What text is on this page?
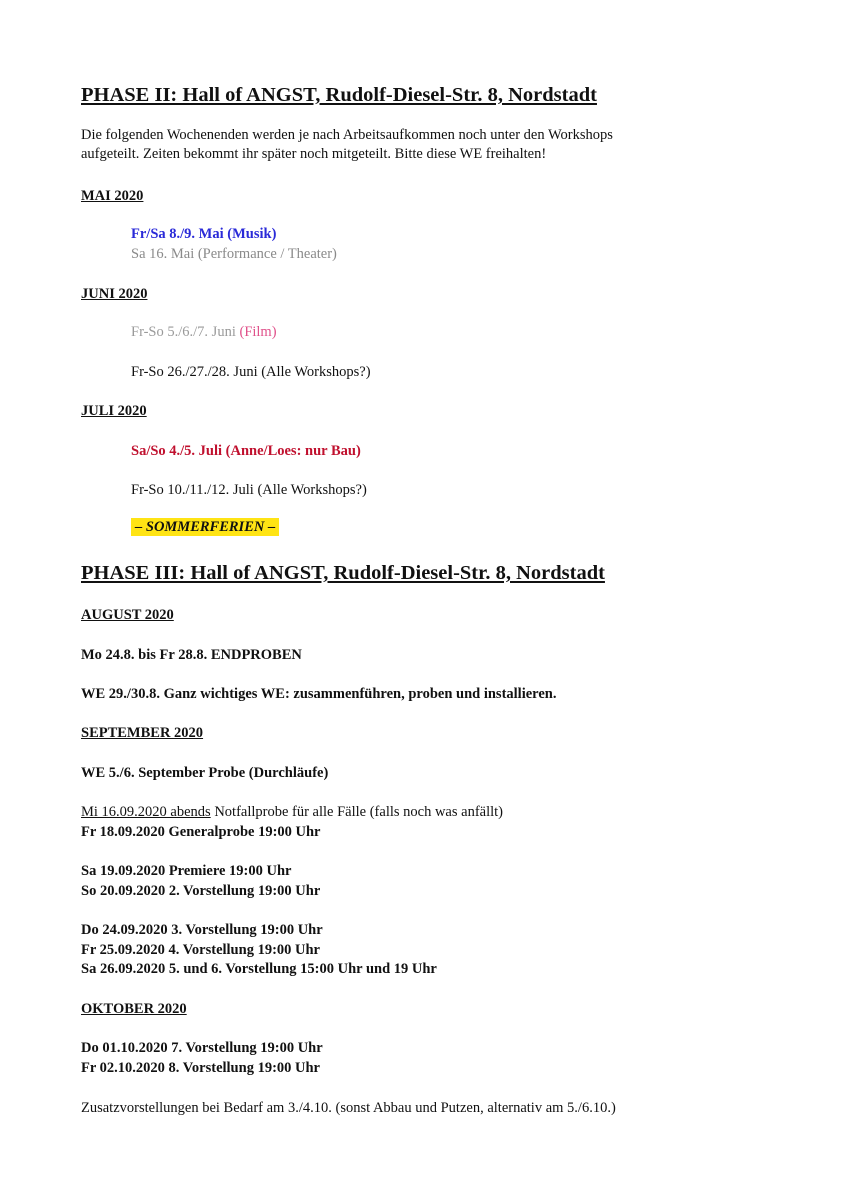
PHASE II: Hall of ANGST, Rudolf-Diesel-Str. 8, Nordstadt
Die folgenden Wochenenden werden je nach Arbeitsaufkommen noch unter den Workshops
aufgeteilt. Zeiten bekommt ihr später noch mitgeteilt. Bitte diese WE freihalten!
MAI 2020
Fr/Sa 8./9. Mai (Musik)
Sa 16. Mai (Performance / Theater)
JUNI 2020
Fr-So 5./6./7. Juni (Film)
Fr-So 26./27./28. Juni (Alle Workshops?)
JULI 2020
Sa/So 4./5. Juli (Anne/Loes: nur Bau)
Fr-So 10./11./12. Juli (Alle Workshops?)
– SOMMERFERIEN –
PHASE III: Hall of ANGST, Rudolf-Diesel-Str. 8, Nordstadt
AUGUST 2020
Mo 24.8. bis Fr 28.8. ENDPROBEN
WE 29./30.8. Ganz wichtiges WE: zusammenführen, proben und installieren.
SEPTEMBER 2020
WE 5./6. September Probe (Durchläufe)
Mi 16.09.2020 abends Notfallprobe für alle Fälle (falls noch was anfällt)
Fr 18.09.2020 Generalprobe 19:00 Uhr
Sa 19.09.2020 Premiere 19:00 Uhr
So 20.09.2020 2. Vorstellung 19:00 Uhr
Do 24.09.2020 3. Vorstellung 19:00 Uhr
Fr 25.09.2020 4. Vorstellung 19:00 Uhr
Sa 26.09.2020 5. und 6. Vorstellung 15:00 Uhr und 19 Uhr
OKTOBER 2020
Do 01.10.2020 7. Vorstellung 19:00 Uhr
Fr 02.10.2020 8. Vorstellung 19:00 Uhr
Zusatzvorstellungen bei Bedarf am 3./4.10. (sonst Abbau und Putzen, alternativ am 5./6.10.)
